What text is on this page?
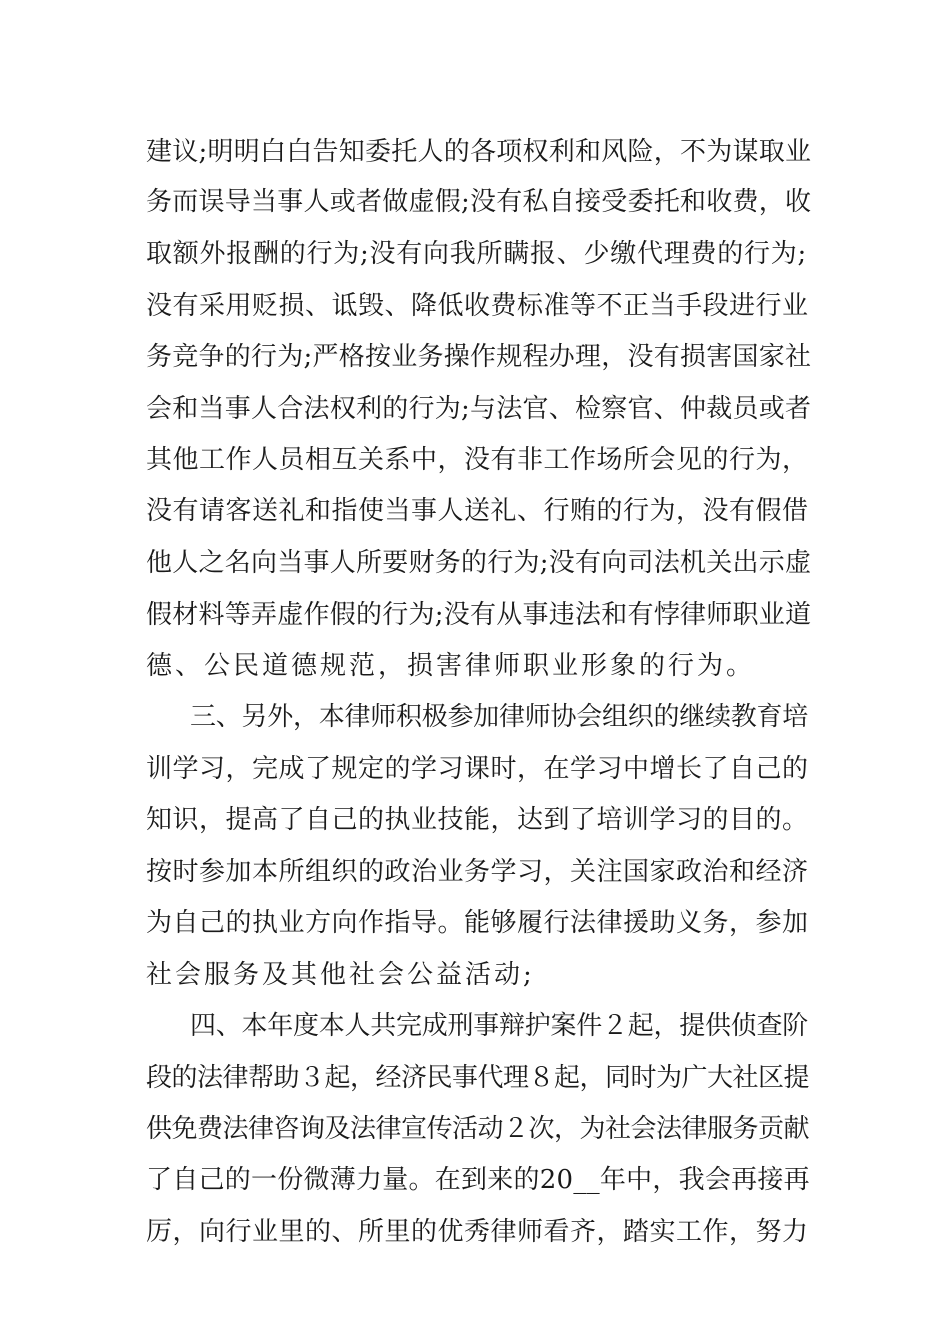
建议;明明白白告知委托人的各项权利和风险，不为谋取业
务而误导当事人或者做虚假;没有私自接受委托和收费，收
取额外报酬的行为;没有向我所瞒报、少缴代理费的行为;
没有采用贬损、诋毁、降低收费标准等不正当手段进行业
务竞争的行为;严格按业务操作规程办理，没有损害国家社
会和当事人合法权利的行为;与法官、检察官、仲裁员或者
其他工作人员相互关系中，没有非工作场所会见的行为，
没有请客送礼和指使当事人送礼、行贿的行为，没有假借
他人之名向当事人所要财务的行为;没有向司法机关出示虚
假材料等弄虚作假的行为;没有从事违法和有悖律师职业道
德、公民道德规范，损害律师职业形象的行为。
三、另外，本律师积极参加律师协会组织的继续教育培
训学习，完成了规定的学习课时，在学习中增长了自己的
知识，提高了自己的执业技能，达到了培训学习的目的。
按时参加本所组织的政治业务学习，关注国家政治和经济
为自己的执业方向作指导。能够履行法律援助义务，参加
社会服务及其他社会公益活动;
四、本年度本人共完成刑事辩护案件２起，提供侦查阶
段的法律帮助３起，经济民事代理８起，同时为广大社区提
供免费法律咨询及法律宣传活动２次，为社会法律服务贡献
了自己的一份微薄力量。在到来的20__年中，我会再接再
厉，向行业里的、所里的优秀律师看齐，踏实工作，努力
